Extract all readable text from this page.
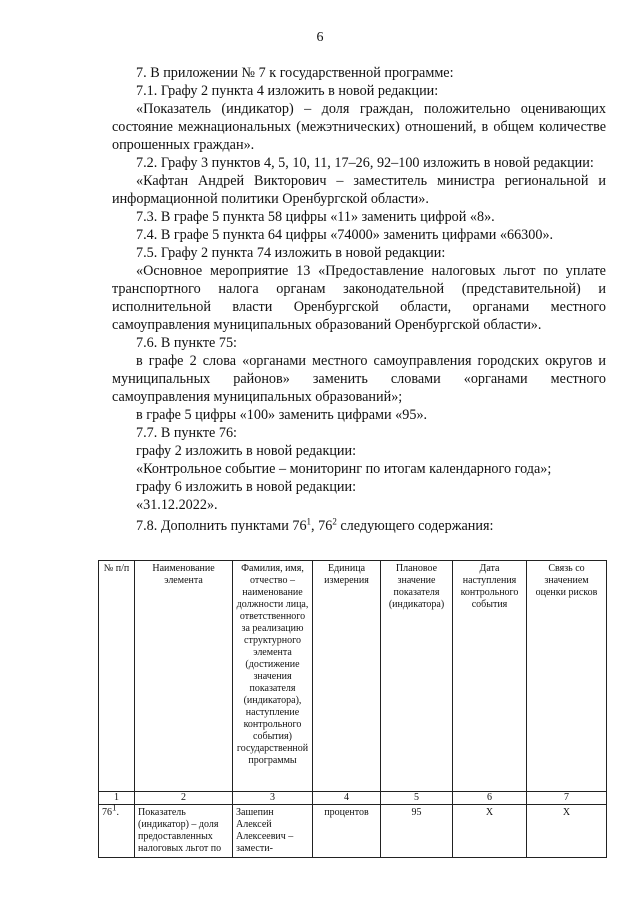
6

7. В приложении № 7 к государственной программе:

7.1. Графу 2 пункта 4 изложить в новой редакции:

«Показатель (индикатор) – доля граждан, положительно оценивающих состояние межнациональных (межэтнических) отношений, в общем количестве опрошенных граждан».

7.2. Графу 3 пунктов 4, 5, 10, 11, 17–26, 92–100 изложить в новой редакции:

«Кафтан Андрей Викторович – заместитель министра региональной и информационной политики Оренбургской области».

7.3. В графе 5 пункта 58 цифры «11» заменить цифрой «8».

7.4. В графе 5 пункта 64 цифры «74000» заменить цифрами «66300».

7.5. Графу 2 пункта 74 изложить в новой редакции:

«Основное мероприятие 13 «Предоставление налоговых льгот по уплате транспортного налога органам законодательной (представительной) и исполнительной власти Оренбургской области, органами местного самоуправления муниципальных образований Оренбургской области».

7.6. В пункте 75:

в графе 2 слова «органами местного самоуправления городских округов и муниципальных районов» заменить словами «органами местного самоуправления муниципальных образований»;

в графе 5 цифры «100» заменить цифрами «95».

7.7. В пункте 76:

графу 2 изложить в новой редакции:

«Контрольное событие – мониторинг по итогам календарного года»;

графу 6 изложить в новой редакции:

«31.12.2022».

7.8. Дополнить пунктами $76^1$, $76^2$ следующего содержания:

№ п/п	Наименование элемента	Фамилия, имя, отчество – наименование должности лица, ответственного за реализацию структурного элемента (достижение значения показателя (индикатора), наступление контрольного события) государственной программы	Единица измерения	Плановое значение показателя (индикатора)	Дата наступления контрольного события	Связь со значением оценки рисков
1	2	3	4	5	6	7
$76^1$.	Показатель (индикатор) – доля предоставленных налоговых льгот по	Зашепин Алексей Алексеевич – замести-	процентов	95	X	X
